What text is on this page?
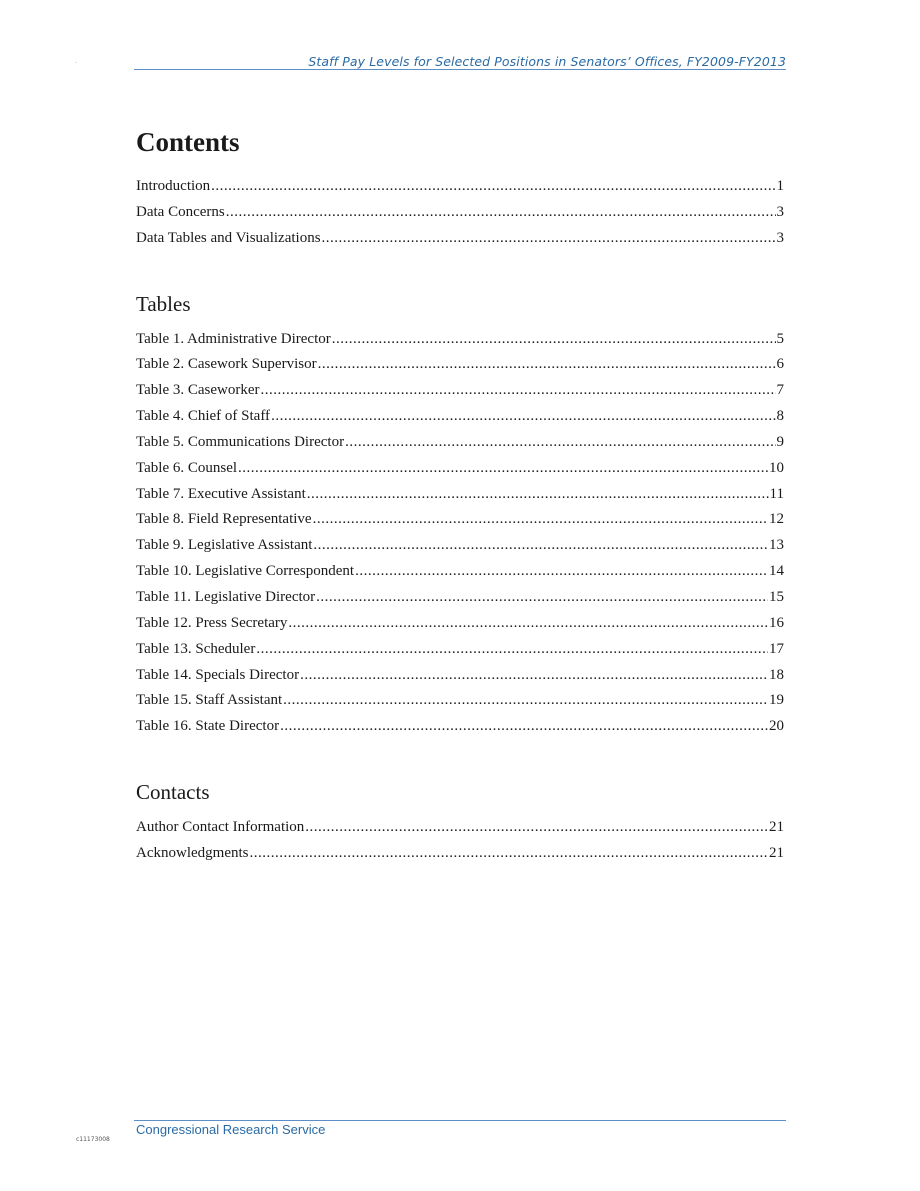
·	Staff Pay Levels for Selected Positions in Senators’ Offices, FY2009-FY2013
Contents
Introduction .....	1
Data Concerns .....	3
Data Tables and Visualizations .....	3
Tables
Table 1. Administrative Director .....	5
Table 2. Casework Supervisor .....	6
Table 3. Caseworker .....	7
Table 4. Chief of Staff .....	8
Table 5. Communications Director .....	9
Table 6. Counsel .....	10
Table 7. Executive Assistant .....	11
Table 8. Field Representative .....	12
Table 9. Legislative Assistant .....	13
Table 10. Legislative Correspondent .....	14
Table 11. Legislative Director .....	15
Table 12. Press Secretary .....	16
Table 13. Scheduler .....	17
Table 14. Specials Director .....	18
Table 15. Staff Assistant .....	19
Table 16. State Director .....	20
Contacts
Author Contact Information .....	21
Acknowledgments .....	21
Congressional Research Service
c11173008
